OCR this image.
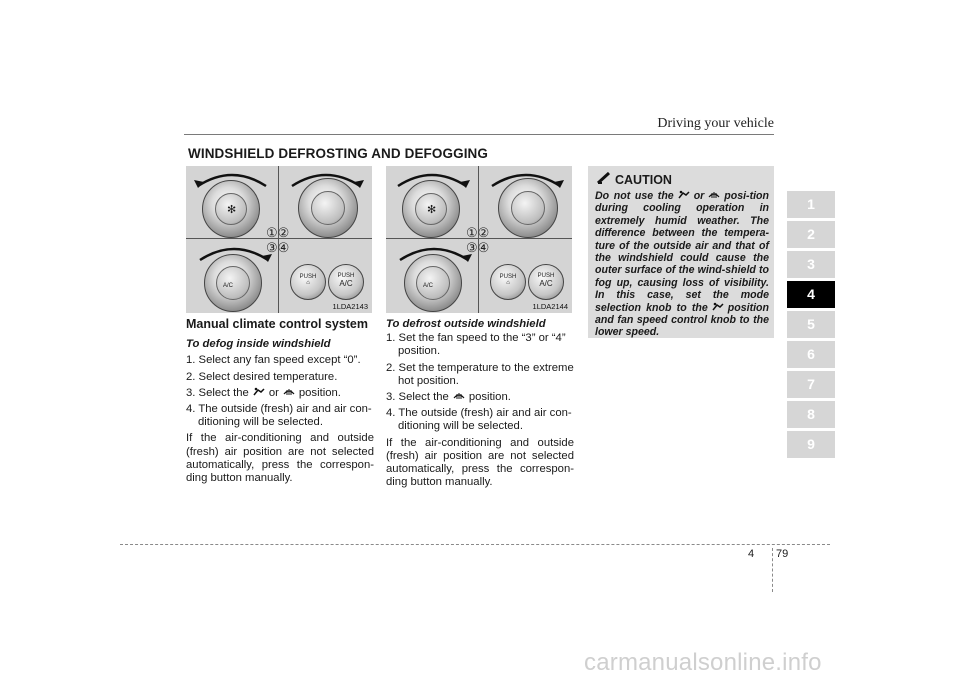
Driving your vehicle
WINDSHIELD DEFROSTING AND DEFOGGING
✻
①②
③④
A/C
PUSH
⌂
PUSH
A/C
1LDA2143
✻
①②
③④
A/C
PUSH
⌂
PUSH
A/C
1LDA2144
Manual climate control system
To defog inside windshield
1. Select any fan speed except “0”.
2. Select desired temperature.
3. Select the or position.
4. The outside (fresh) air and air con-ditioning will be selected.
If the air-conditioning and outside (fresh) air position are not selected automatically, press the correspon-ding button manually.
To defrost outside windshield
1. Set the fan speed to the “3” or “4” position.
2. Set the temperature to the extreme hot position.
3. Select the position.
4. The outside (fresh) air and air con-ditioning will be selected.
If the air-conditioning and outside (fresh) air position are not selected automatically, press the correspon-ding button manually.
CAUTION
Do not use the or posi-tion during cooling operation in extremely humid weather. The difference between the tempera-ture of the outside air and that of the windshield could cause the outer surface of the wind-shield to fog up, causing loss of visibility. In this case, set the mode selection knob to the position and fan speed control knob to the lower speed.
1
2
3
4
5
6
7
8
9
4 79
carmanualsonline.info
